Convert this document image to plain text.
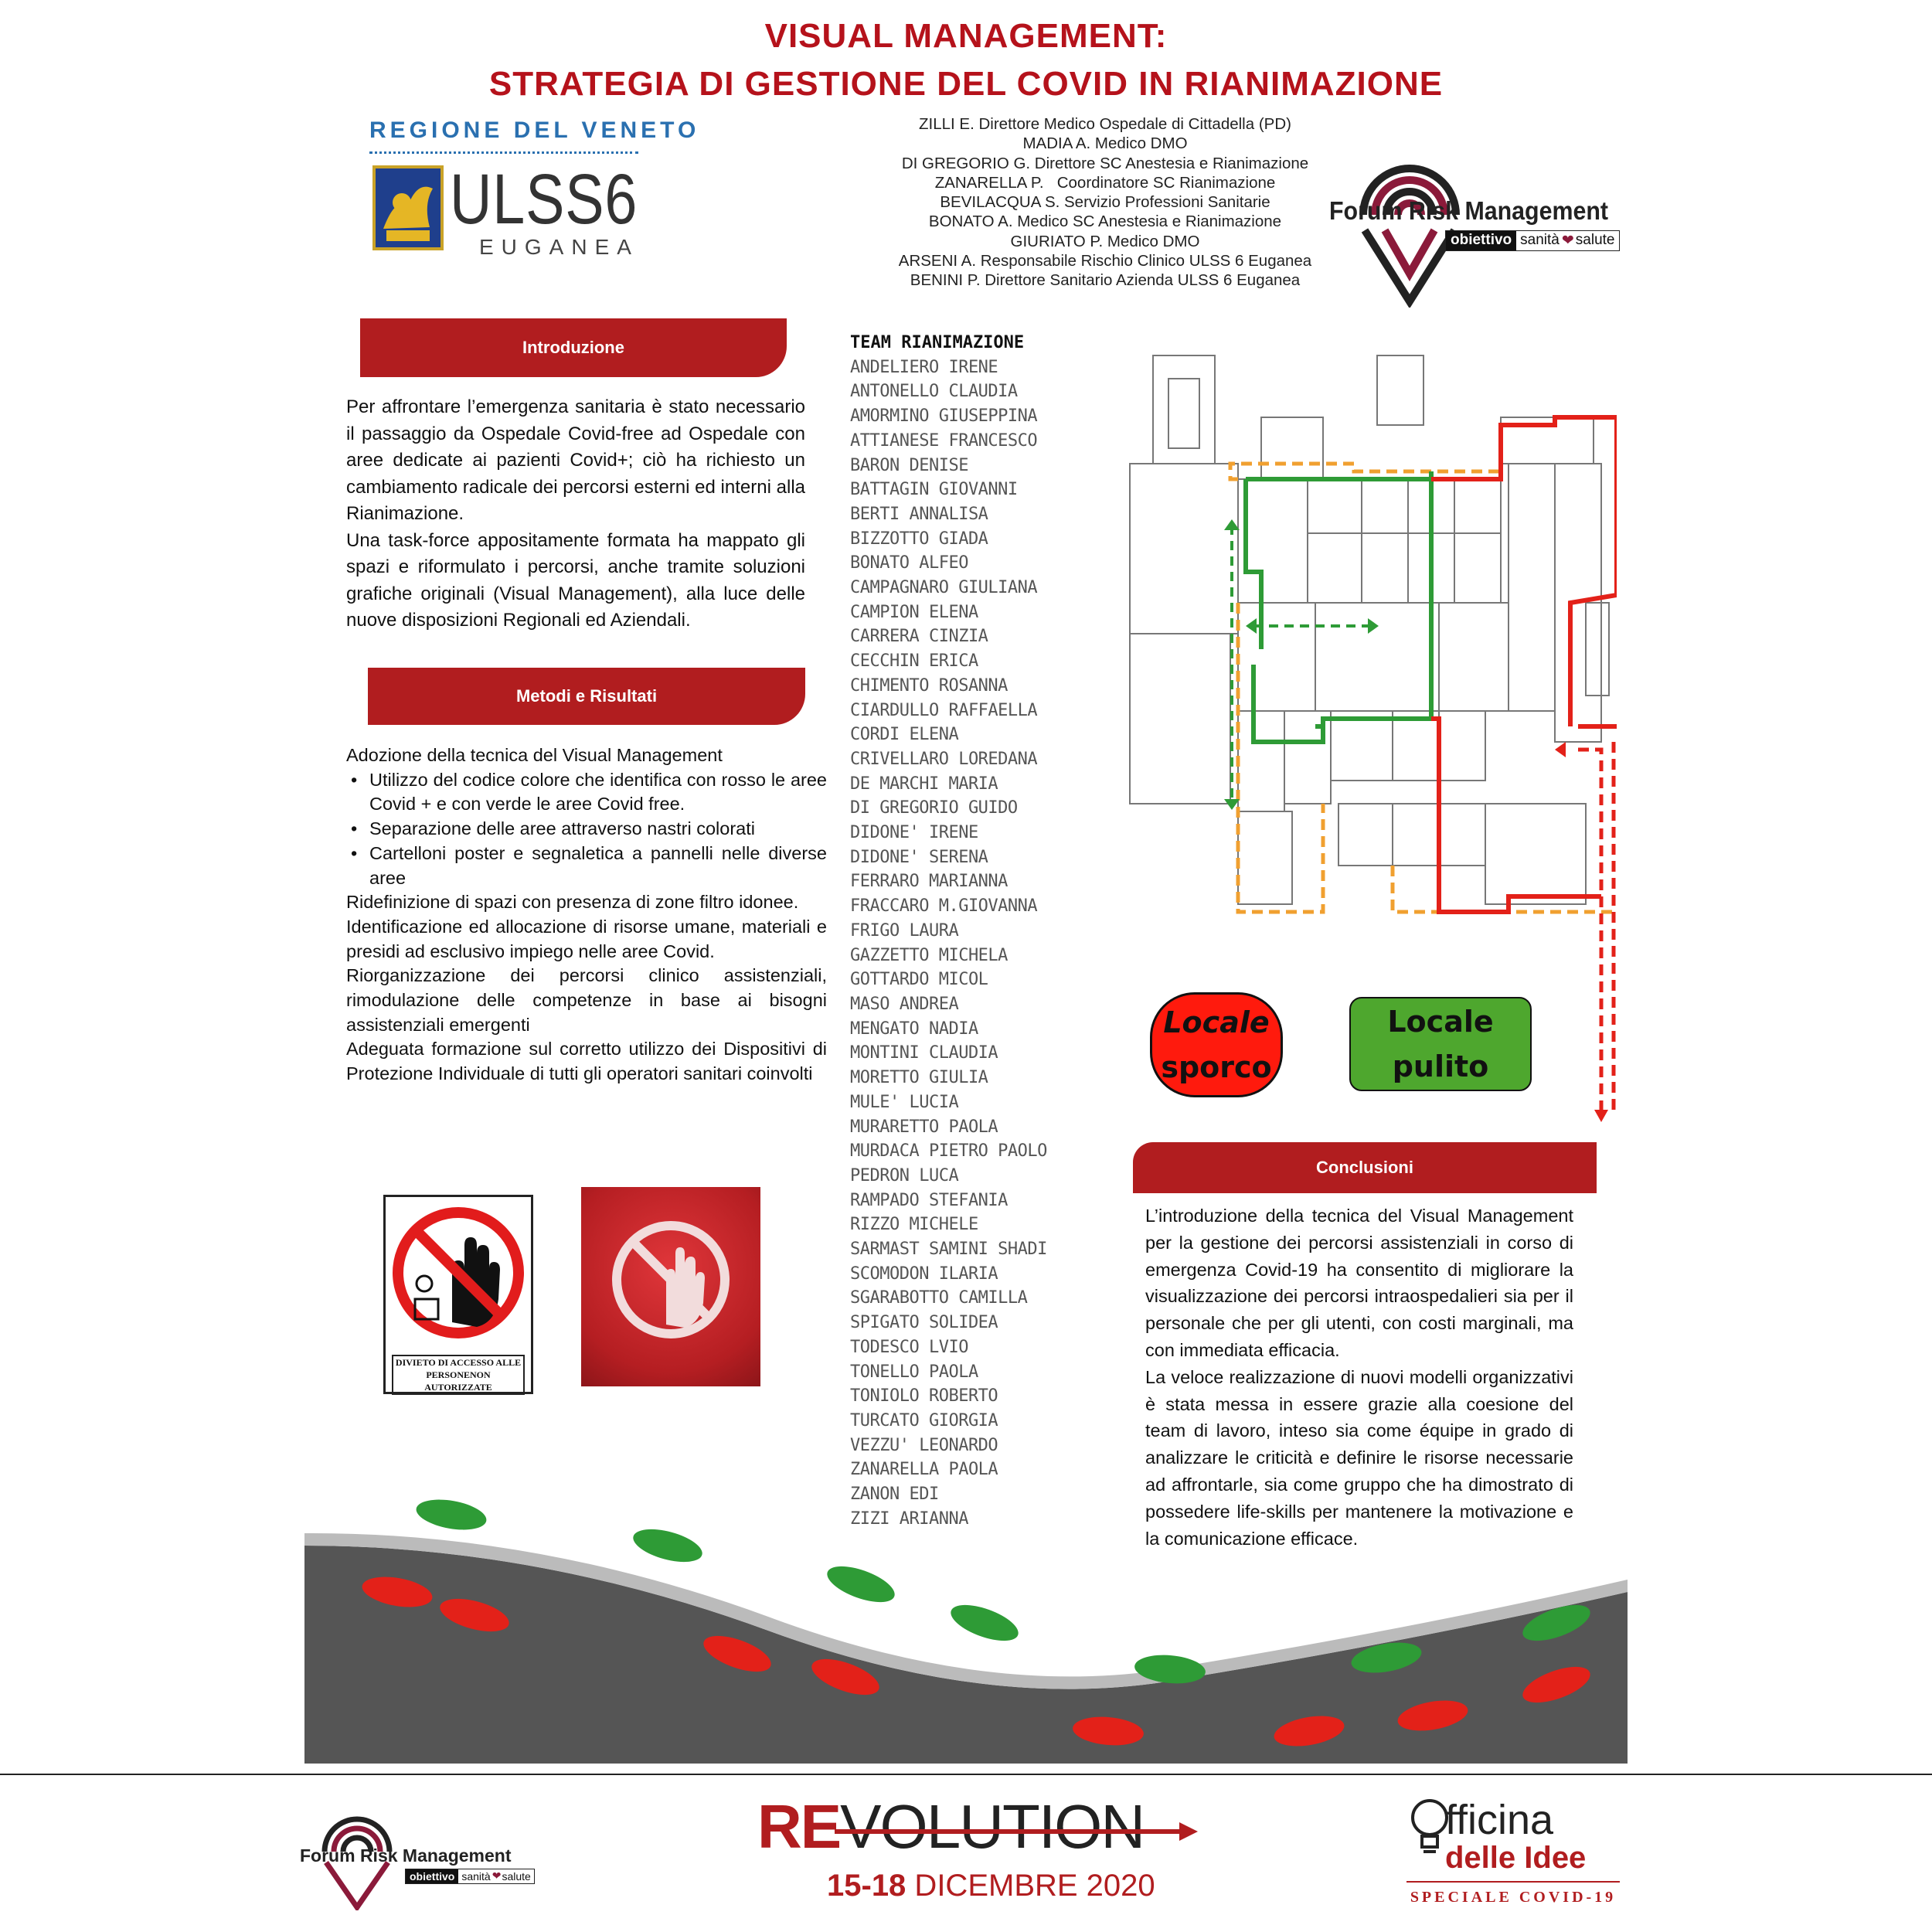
VISUAL MANAGEMENT:
STRATEGIA DI GESTIONE DEL COVID IN RIANIMAZIONE
REGIONE DEL VENETO
ULSS6
EUGANEA
ZILLI E. Direttore Medico Ospedale di Cittadella (PD)
MADIA A. Medico DMO
DI GREGORIO G. Direttore SC Anestesia e Rianimazione
ZANARELLA P.   Coordinatore SC Rianimazione
BEVILACQUA S. Servizio Professioni Sanitarie
BONATO A. Medico SC Anestesia e Rianimazione
GIURIATO P. Medico DMO
ARSENI A. Responsabile Rischio Clinico ULSS 6 Euganea
BENINI P. Direttore Sanitario Azienda ULSS 6 Euganea
Forum Risk Management
obiettivo sanità ❤ salute
Introduzione

Per affrontare l’emergenza sanitaria è stato necessario il passaggio da Ospedale Covid-free ad Ospedale con aree dedicate ai pazienti Covid+; ciò ha richiesto un cambiamento radicale dei percorsi esterni ed interni alla Rianimazione.

Una task-force appositamente formata ha mappato gli spazi e riformulato i percorsi, anche tramite soluzioni grafiche originali (Visual Management), alla luce delle nuove disposizioni Regionali ed Aziendali.

Metodi e Risultati

Adozione della tecnica del Visual Management

• Utilizzo del codice colore che identifica con rosso le aree Covid + e con verde le aree Covid free.
• Separazione delle aree attraverso nastri colorati
• Cartelloni poster e segnaletica a pannelli nelle diverse aree

Ridefinizione di spazi con presenza di zone filtro idonee.

Identificazione ed allocazione di risorse umane, materiali e presidi ad esclusivo impiego nelle aree Covid.

Riorganizzazione dei percorsi clinico assistenziali, rimodulazione delle competenze in base ai bisogni assistenziali emergenti

Adeguata formazione sul corretto utilizzo dei Dispositivi di Protezione Individuale di tutti gli operatori sanitari coinvolti

DIVIETO DI ACCESSO ALLE
PERSONENON AUTORIZZATE
TEAM RIANIMAZIONE
ANDELIERO IRENE
ANTONELLO CLAUDIA
AMORMINO GIUSEPPINA
ATTIANESE FRANCESCO
BARON DENISE
BATTAGIN GIOVANNI
BERTI ANNALISA
BIZZOTTO GIADA
BONATO ALFEO
CAMPAGNARO GIULIANA
CAMPION ELENA
CARRERA CINZIA
CECCHIN ERICA
CHIMENTO ROSANNA
CIARDULLO RAFFAELLA
CORDI ELENA
CRIVELLARO LOREDANA
DE MARCHI MARIA
DI GREGORIO GUIDO
DIDONE' IRENE
DIDONE' SERENA
FERRARO MARIANNA
FRACCARO M.GIOVANNA
FRIGO LAURA
GAZZETTO MICHELA
GOTTARDO MICOL
MASO ANDREA
MENGATO NADIA
MONTINI CLAUDIA
MORETTO GIULIA
MULE' LUCIA
MURARETTO PAOLA
MURDACA PIETRO PAOLO
PEDRON LUCA
RAMPADO STEFANIA
RIZZO MICHELE
SARMAST SAMINI SHADI
SCOMODON ILARIA
SGARABOTTO CAMILLA
SPIGATO SOLIDEA
TODESCO LVIO
TONELLO PAOLA
TONIOLO ROBERTO
TURCATO GIORGIA
VEZZU' LEONARDO
ZANARELLA PAOLA
ZANON EDI
ZIZI ARIANNA
Locale
sporco
Locale
pulito
Conclusioni

L’introduzione della tecnica del Visual Management per la gestione dei percorsi assistenziali in corso di emergenza Covid-19 ha consentito di migliorare la visualizzazione dei percorsi intraospedalieri sia per il personale che per gli utenti, con costi marginali, ma con immediata efficacia.

La veloce realizzazione di nuovi modelli organizzativi è stata messa in essere grazie alla coesione del team di lavoro, inteso sia come équipe in grado di analizzare le criticità e definire le risorse necessarie ad affrontarle, sia come gruppo che ha dimostrato di possedere life-skills per mantenere la motivazione e la comunicazione efficace.

Forum Risk Management
obiettivo sanità ❤ salute
REVOLUTION
15-18 DICEMBRE 2020
fficina
delle Idee
SPECIALE COVID-19
